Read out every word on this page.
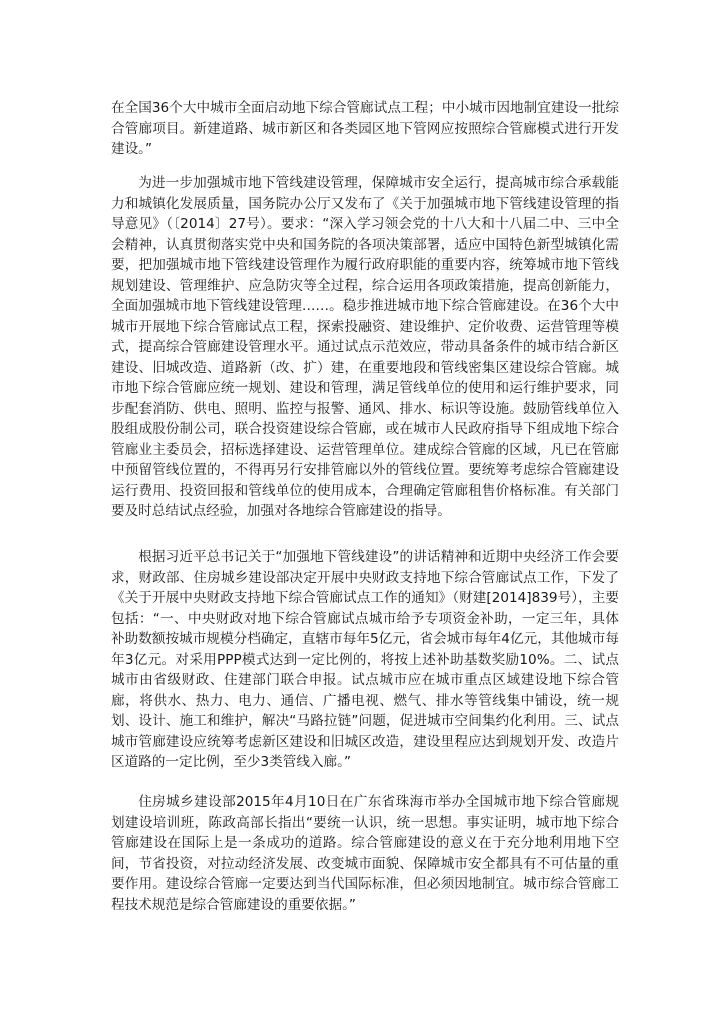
在全国36个大中城市全面启动地下综合管廊试点工程；中小城市因地制宜建设一批综合管廊项目。新建道路、城市新区和各类园区地下管网应按照综合管廊模式进行开发建设。”

为进一步加强城市地下管线建设管理，保障城市安全运行，提高城市综合承载能力和城镇化发展质量，国务院办公厅又发布了《关于加强城市地下管线建设管理的指导意见》（〔2014〕27号）。要求：“深入学习领会党的十八大和十八届二中、三中全会精神，认真贯彻落实党中央和国务院的各项决策部署，适应中国特色新型城镇化需要，把加强城市地下管线建设管理作为履行政府职能的重要内容，统筹城市地下管线规划建设、管理维护、应急防灾等全过程，综合运用各项政策措施，提高创新能力，全面加强城市地下管线建设管理……。稳步推进城市地下综合管廊建设。在36个大中城市开展地下综合管廊试点工程，探索投融资、建设维护、定价收费、运营管理等模式，提高综合管廊建设管理水平。通过试点示范效应，带动具备条件的城市结合新区建设、旧城改造、道路新（改、扩）建，在重要地段和管线密集区建设综合管廊。城市地下综合管廊应统一规划、建设和管理，满足管线单位的使用和运行维护要求，同步配套消防、供电、照明、监控与报警、通风、排水、标识等设施。鼓励管线单位入股组成股份制公司，联合投资建设综合管廊，或在城市人民政府指导下组成地下综合管廊业主委员会，招标选择建设、运营管理单位。建成综合管廊的区域，凡已在管廊中预留管线位置的，不得再另行安排管廊以外的管线位置。要统筹考虑综合管廊建设运行费用、投资回报和管线单位的使用成本，合理确定管廊租售价格标准。有关部门要及时总结试点经验，加强对各地综合管廊建设的指导。

根据习近平总书记关于“加强地下管线建设”的讲话精神和近期中央经济工作会要求，财政部、住房城乡建设部决定开展中央财政支持地下综合管廊试点工作，下发了《关于开展中央财政支持地下综合管廊试点工作的通知》（财建[2014]839号），主要包括：“一、中央财政对地下综合管廊试点城市给予专项资金补助，一定三年，具体补助数额按城市规模分档确定，直辖市每年5亿元，省会城市每年4亿元，其他城市每年3亿元。对采用PPP模式达到一定比例的，将按上述补助基数奖励10%。二、试点城市由省级财政、住建部门联合申报。试点城市应在城市重点区域建设地下综合管廊，将供水、热力、电力、通信、广播电视、燃气、排水等管线集中铺设，统一规划、设计、施工和维护，解决“马路拉链”问题，促进城市空间集约化利用。三、试点城市管廊建设应统筹考虑新区建设和旧城区改造，建设里程应达到规划开发、改造片区道路的一定比例，至少3类管线入廊。”

住房城乡建设部2015年4月10日在广东省珠海市举办全国城市地下综合管廊规划建设培训班，陈政高部长指出“要统一认识，统一思想。事实证明，城市地下综合管廊建设在国际上是一条成功的道路。综合管廊建设的意义在于充分地利用地下空间，节省投资，对拉动经济发展、改变城市面貌、保障城市安全都具有不可估量的重要作用。建设综合管廊一定要达到当代国际标准，但必须因地制宜。城市综合管廊工程技术规范是综合管廊建设的重要依据。”
